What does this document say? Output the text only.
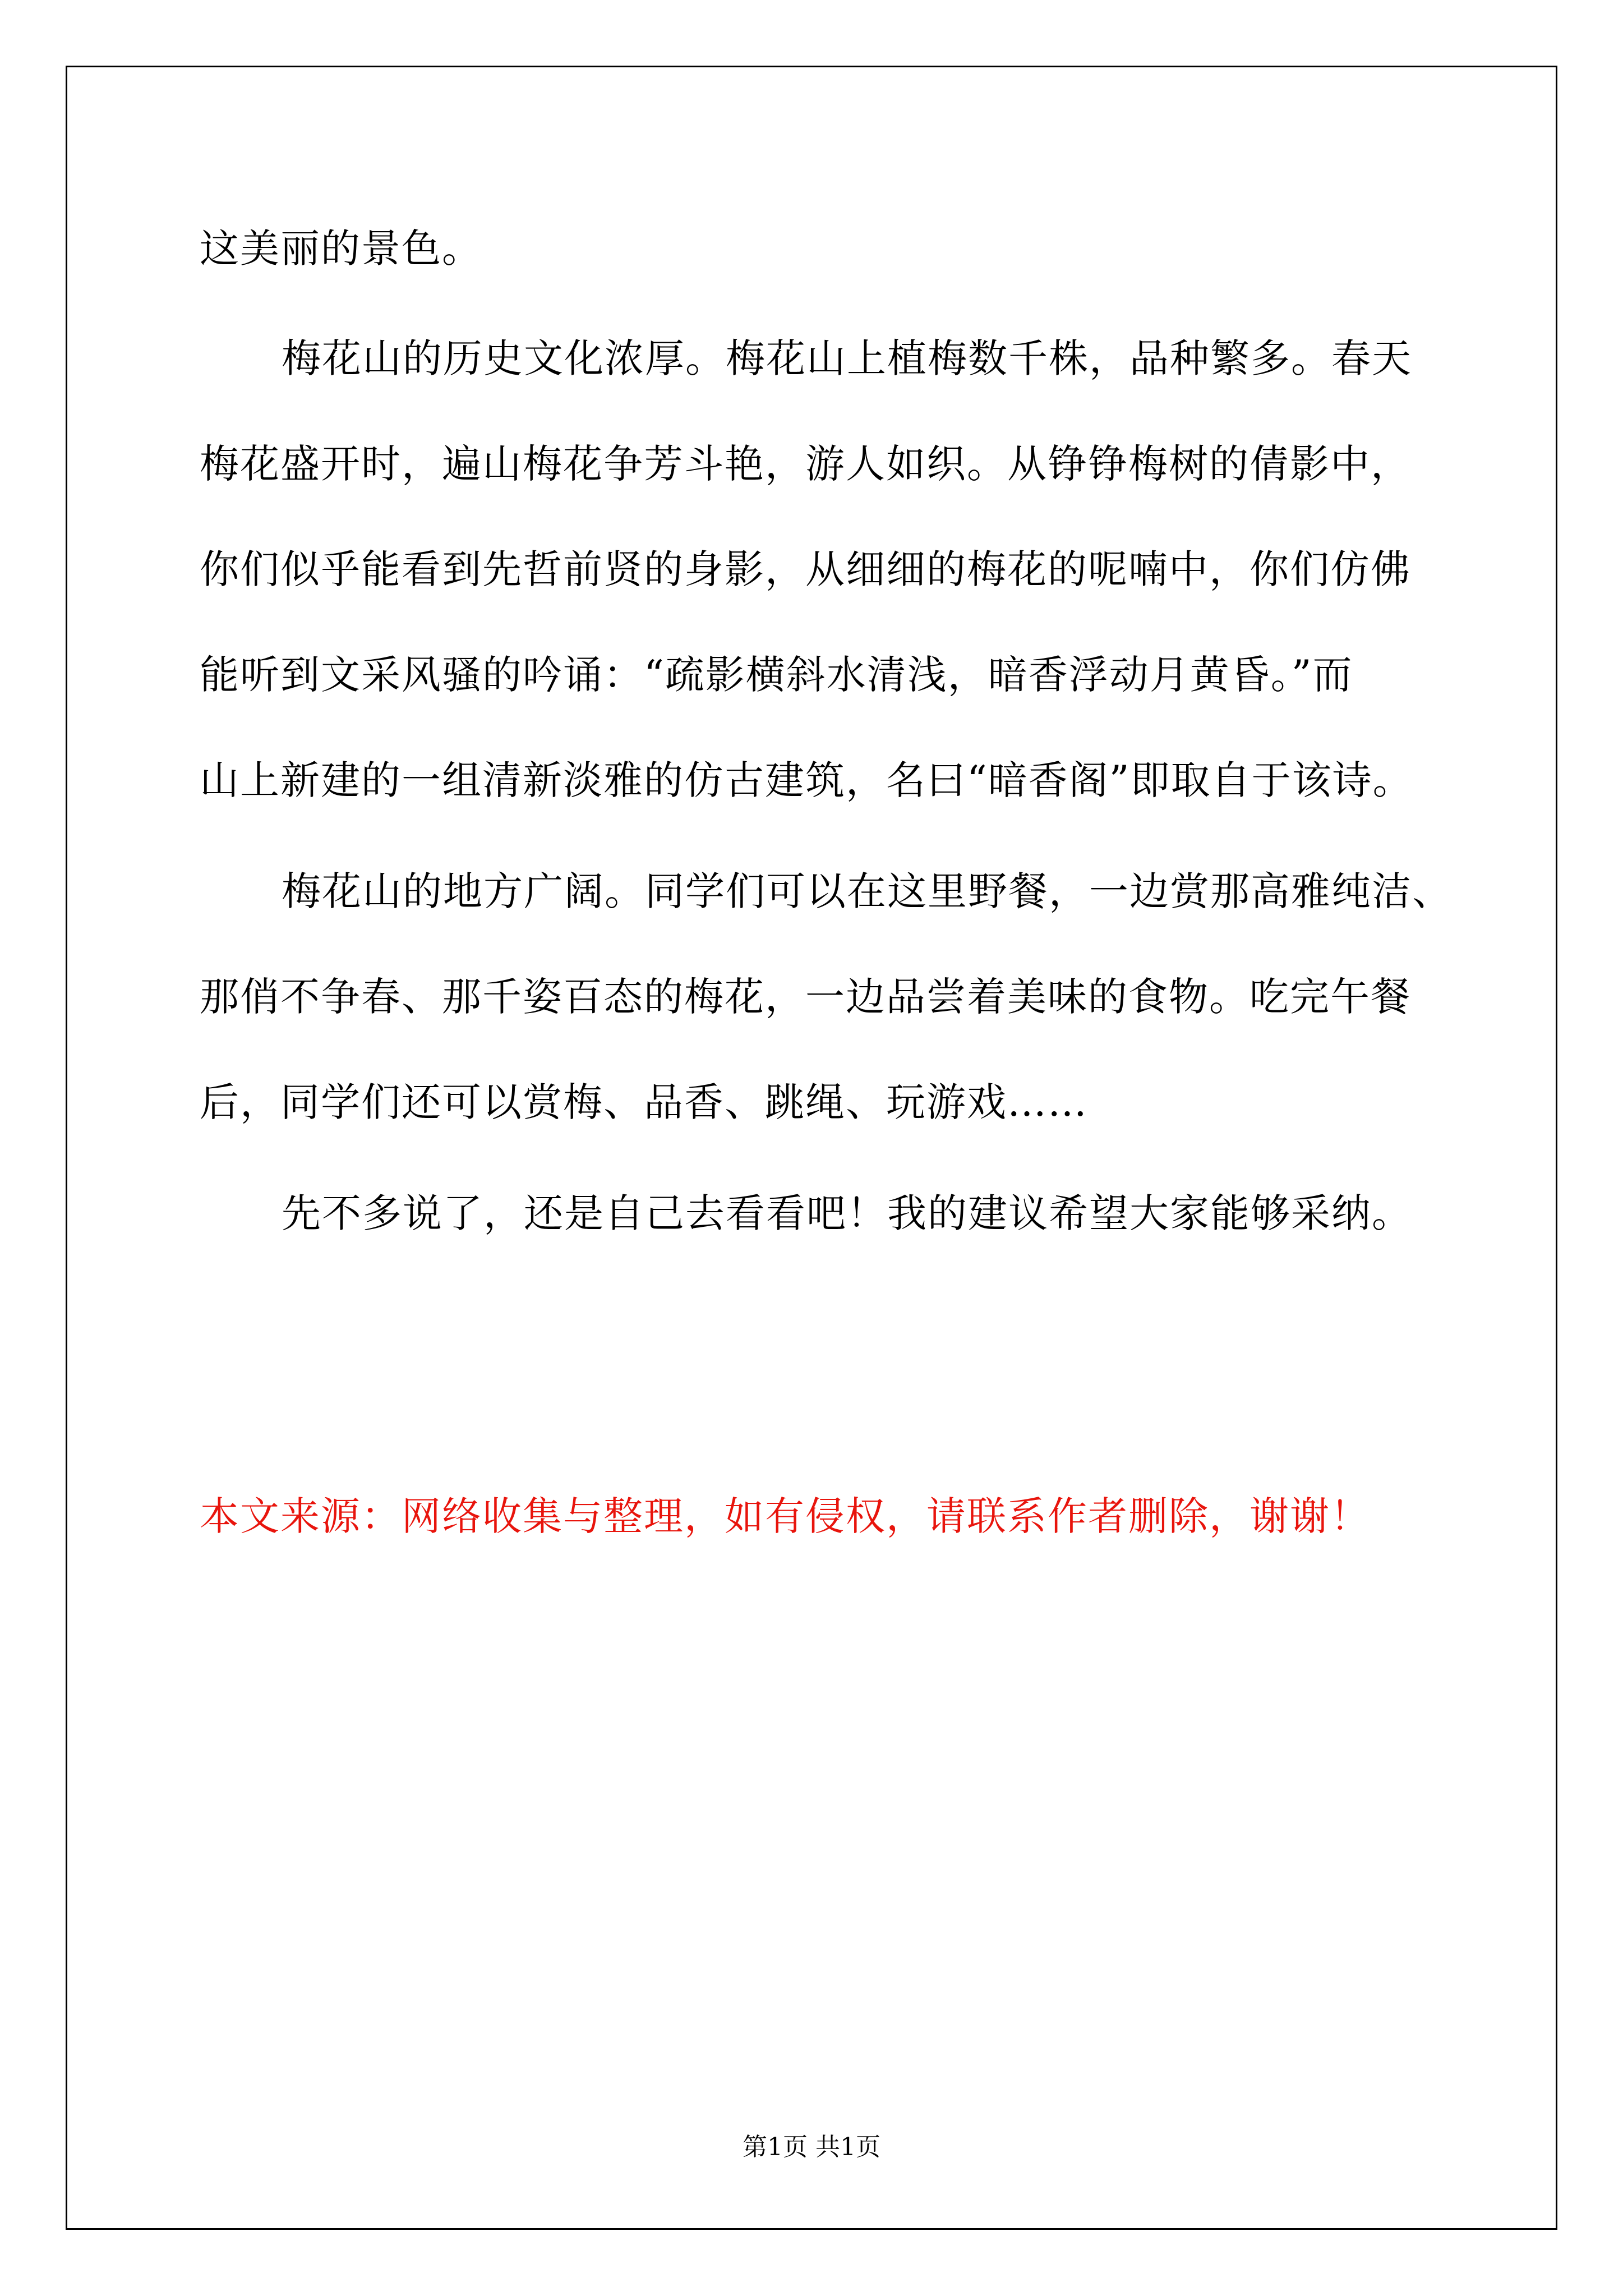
这美丽的景色。
梅花山的历史文化浓厚。梅花山上植梅数千株，品种繁多。春天
梅花盛开时，遍山梅花争芳斗艳，游人如织。从铮铮梅树的倩影中，
你们似乎能看到先哲前贤的身影，从细细的梅花的呢喃中，你们仿佛
能听到文采风骚的吟诵：“疏影横斜水清浅，暗香浮动月黄昏。”而
山上新建的一组清新淡雅的仿古建筑，名曰“暗香阁”即取自于该诗。
梅花山的地方广阔。同学们可以在这里野餐，一边赏那高雅纯洁、
那俏不争春、那千姿百态的梅花，一边品尝着美味的食物。吃完午餐
后，同学们还可以赏梅、品香、跳绳、玩游戏……
先不多说了，还是自己去看看吧！我的建议希望大家能够采纳。
本文来源：网络收集与整理，如有侵权，请联系作者删除，谢谢！
第1页 共1页
